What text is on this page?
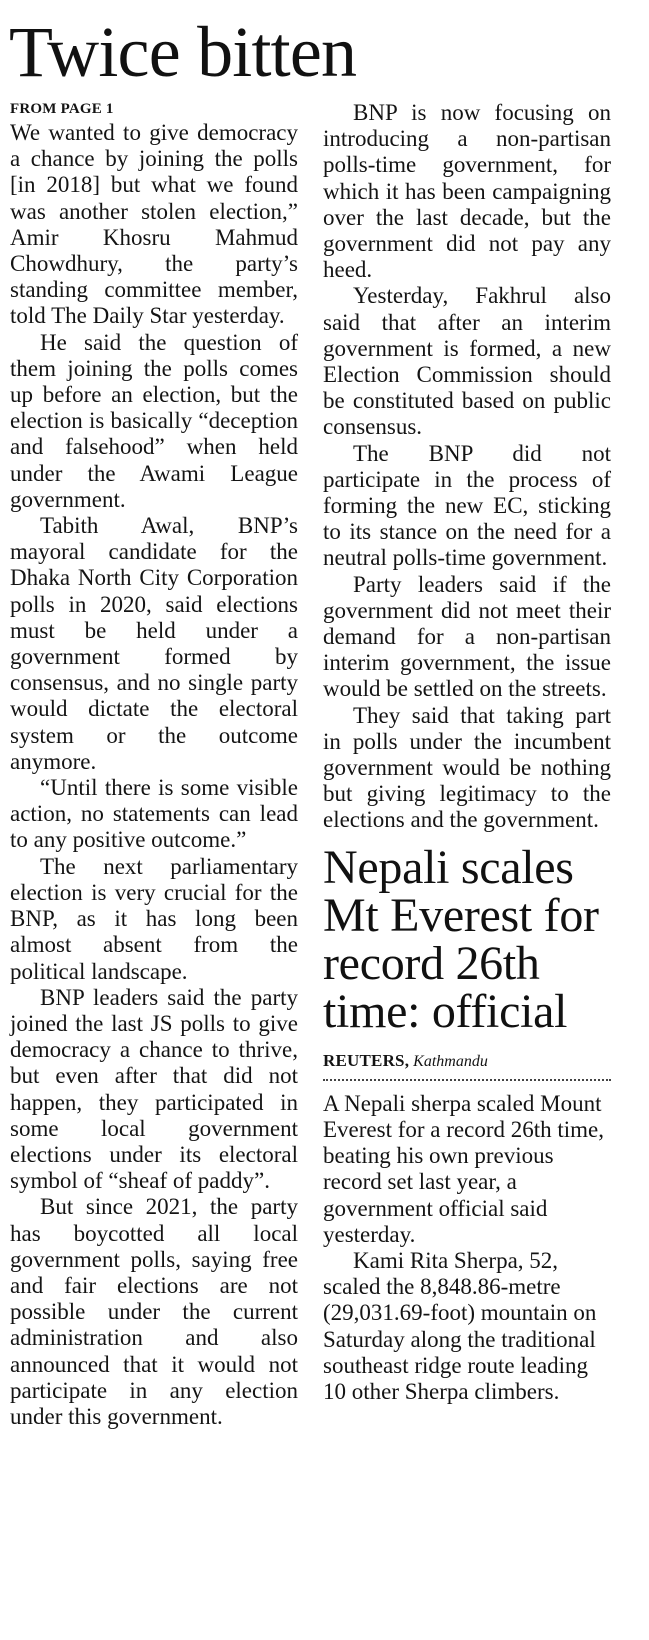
Twice bitten
FROM PAGE 1

We wanted to give democracy a chance by joining the polls [in 2018] but what we found was another stolen election,” Amir Khosru Mahmud Chowdhury, the party’s standing committee member, told The Daily Star yesterday.

He said the question of them joining the polls comes up before an election, but the election is basically “deception and falsehood” when held under the Awami League government.

Tabith Awal, BNP’s mayoral candidate for the Dhaka North City Corporation polls in 2020, said elections must be held under a government formed by consensus, and no single party would dictate the electoral system or the outcome anymore.

“Until there is some visible action, no statements can lead to any positive outcome.”

The next parliamentary election is very crucial for the BNP, as it has long been almost absent from the political landscape.

BNP leaders said the party joined the last JS polls to give democracy a chance to thrive, but even after that did not happen, they participated in some local government elections under its electoral symbol of “sheaf of paddy”.

But since 2021, the party has boycotted all local government polls, saying free and fair elections are not possible under the current administration and also announced that it would not participate in any election under this government.

BNP is now focusing on introducing a non-partisan polls-time government, for which it has been campaigning over the last decade, but the government did not pay any heed.

Yesterday, Fakhrul also said that after an interim government is formed, a new Election Commission should be constituted based on public consensus.

The BNP did not participate in the process of forming the new EC, sticking to its stance on the need for a neutral polls-time government.

Party leaders said if the government did not meet their demand for a non-partisan interim government, the issue would be settled on the streets.

They said that taking part in polls under the incumbent government would be nothing but giving legitimacy to the elections and the government.

Nepali scales Mt Everest for record 26th time: official
REUTERS, Kathmandu

A Nepali sherpa scaled Mount Everest for a record 26th time, beating his own previous record set last year, a government official said yesterday.

Kami Rita Sherpa, 52, scaled the 8,848.86-metre (29,031.69-foot) mountain on Saturday along the traditional southeast ridge route leading 10 other Sherpa climbers.
